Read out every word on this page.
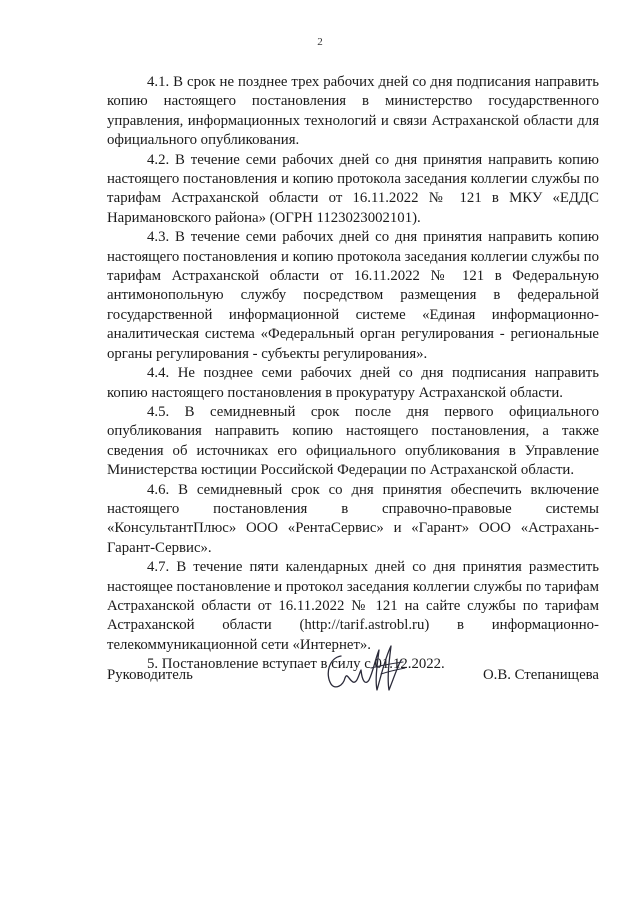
2

4.1. В срок не позднее трех рабочих дней со дня подписания направить копию настоящего постановления в министерство государственного управления, информационных технологий и связи Астраханской области для официального опубликования.

4.2. В течение семи рабочих дней со дня принятия направить копию настоящего постановления и копию протокола заседания коллегии службы по тарифам Астраханской области от 16.11.2022 № 121 в МКУ «ЕДДС Наримановского района» (ОГРН 1123023002101).

4.3. В течение семи рабочих дней со дня принятия направить копию настоящего постановления и копию протокола заседания коллегии службы по тарифам Астраханской области от 16.11.2022 № 121 в Федеральную антимонопольную службу посредством размещения в федеральной государственной информационной системе «Единая информационно-аналитическая система «Федеральный орган регулирования - региональные органы регулирования - субъекты регулирования».

4.4. Не позднее семи рабочих дней со дня подписания направить копию настоящего постановления в прокуратуру Астраханской области.

4.5. В семидневный срок после дня первого официального опубликования направить копию настоящего постановления, а также сведения об источниках его официального опубликования в Управление Министерства юстиции Российской Федерации по Астраханской области.

4.6. В семидневный срок со дня принятия обеспечить включение настоящего постановления в справочно-правовые системы «КонсультантПлюс» ООО «РентаСервис» и «Гарант» ООО «Астрахань-Гарант-Сервис».

4.7. В течение пяти календарных дней со дня принятия разместить настоящее постановление и протокол заседания коллегии службы по тарифам Астраханской области от 16.11.2022 № 121 на сайте службы по тарифам Астраханской области (http://tarif.astrobl.ru) в информационно-телекоммуникационной сети «Интернет».

5. Постановление вступает в силу с 01.12.2022.

Руководитель	О.В. Степанищева
